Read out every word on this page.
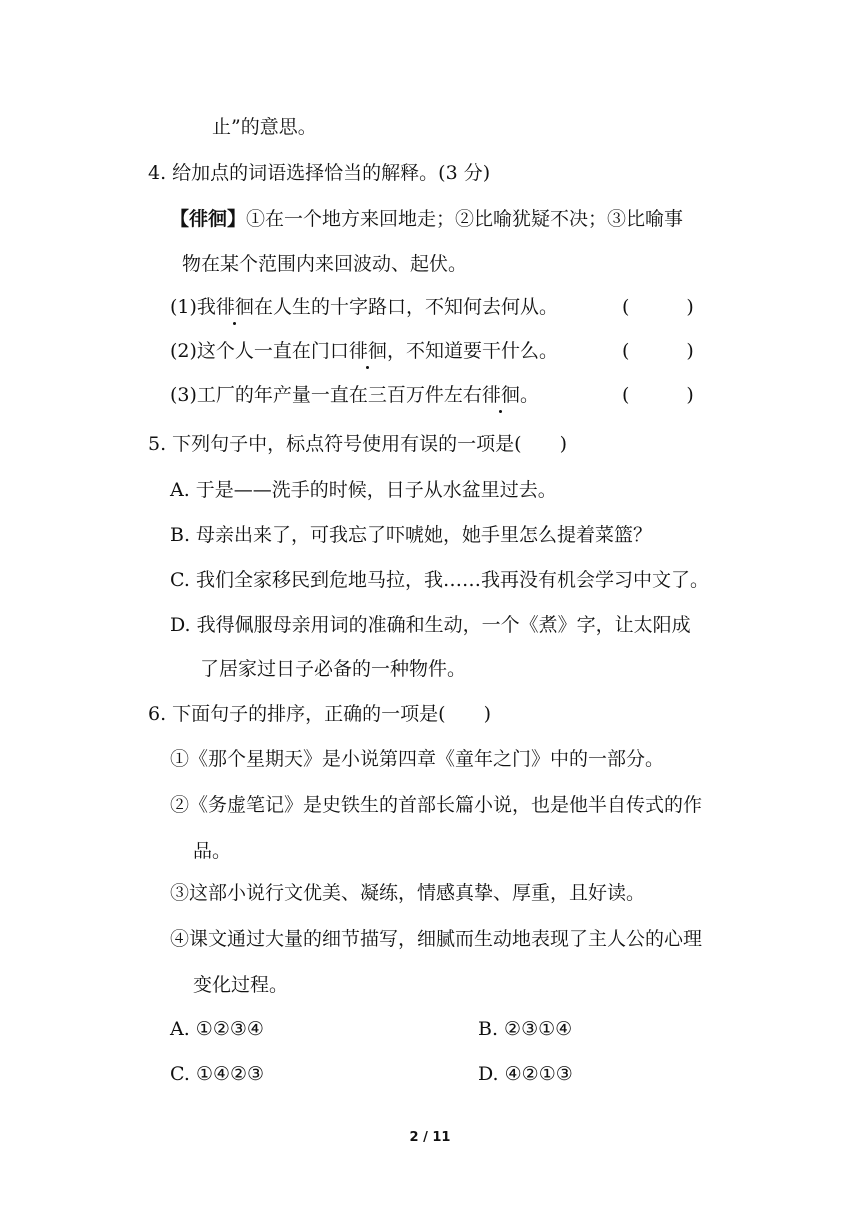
止”的意思。
4. 给加点的词语选择恰当的解释。(3 分)
【徘徊】①在一个地方来回地走；②比喻犹疑不决；③比喻事
物在某个范围内来回波动、起伏。
(1)我徘徊在人生的十字路口，不知何去何从。	(　　　)
(2)这个人一直在门口徘徊，不知道要干什么。	(　　　)
(3)工厂的年产量一直在三百万件左右徘徊。	(　　　)
5. 下列句子中，标点符号使用有误的一项是(　　)
A. 于是——洗手的时候，日子从水盆里过去。
B. 母亲出来了，可我忘了吓唬她，她手里怎么提着菜篮？
C. 我们全家移民到危地马拉，我……我再没有机会学习中文了。
D. 我得佩服母亲用词的准确和生动，一个《煮》字，让太阳成
了居家过日子必备的一种物件。
6. 下面句子的排序，正确的一项是(　　)
①《那个星期天》是小说第四章《童年之门》中的一部分。
②《务虚笔记》是史铁生的首部长篇小说，也是他半自传式的作
品。
③这部小说行文优美、凝练，情感真挚、厚重，且好读。
④课文通过大量的细节描写，细腻而生动地表现了主人公的心理
变化过程。
A. ①②③④	B. ②③①④
C. ①④②③	D. ④②①③
2 / 11
